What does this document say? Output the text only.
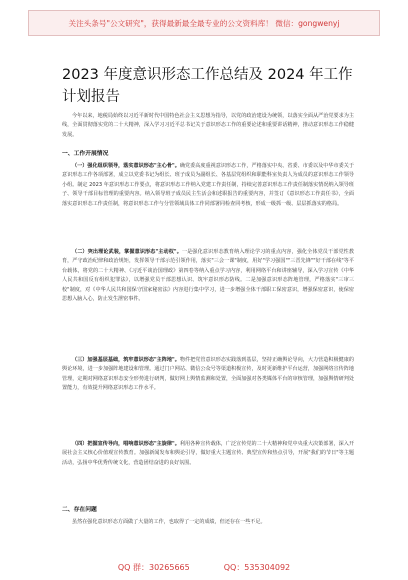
关注头条号"公文研究"，获得最新最全最专业的公文资料库！ 微信：gongwenyj
2023 年度意识形态工作总结及 2024 年工作计划报告
今年以来，地税局始终以习近平新时代中国特色社会主义思想为指导，以党的政治建设为统领，以落实全面从严治党要求为主线，全面贯彻落实党的二十大精神，深入学习习近平总书记关于意识形态工作的重要论述和重要讲话精神，推动意识形态工作稳健发展。
一、工作开展情况
（一）强化组织领导，落实意识形态"主心骨"。确党委高度重视意识形态工作，严格落实中央、省委、市委以及中华市委关于意识形态工作各项部署，成立以党委书记为组长、班子成员为副组长、各基层党组织和职能科室负责人为成员的意识形态工作领导小组。制定 2023 年意识形态工作要点，将意识形态工作纳入党建工作责任制，持续完善意识形态工作责任制落实情况纳入领导班子、领导干部目标管理的重要内容。纳入领导班子成员民主生活会和述职报告的重要内容，并签订《意识形态工作责任书》，全面落实意识形态工作责任制，将意识形态工作与分管领域具体工作同部署同检查同考核，形成一级抓一级、层层抓落实的格局。
（二）突出理论武装，掌握意识形态"主动权"。一是强化意识形态教育纳入理论学习的重点内容，强化全体党员干部党性教育，严守政治纪律和政治规矩，发挥领导干部示范引领作用，落实"三会一课"制度，用好"学习强国""三晋先锋""好干部在线"等平台载体，将党的二十大精神、《习近平谈治国理政》第四卷等纳入重点学习内容，利用网络平台和讲座辅导，深入学习宣传《中华人民共和国反有组织犯罪法》，以增强党员干部思想认识、筑牢意识形态防线。二是加强意识形态阵地管理，严格落实"三审三校"制度，对《中华人民共和国保守国家秘密法》内容进行集中学习，进一步增强全体干部职工保密意识，增强保密意识，使保密思想入脑入心，防止发生泄密事件。
（三）加强基层基础，筑牢意识形态"主阵地"。物件把党管意识形态实践落到基层，坚持正确舆论导向，大力营造积极健康的舆论环境，进一步加强阵地建设和管理。通过门户网站、微信公众号等渠道积极宣传，及时更新维护平台运营，加强网络宣传阵地管理，定期对网络意识形态安全形势进行研判，做好网上舆情监测和处置，全面加强对各类媒体平台的审核管理，加强舆情研判处置能力，有效提升网络意识形态工作水平。
（四）把握宣传导向，唱响意识形态"主旋律"。利用各种宣传载体，广泛宣传党的二十大精神和党中央重大决策部署，深入开展社会主义核心价值观宣传教育。加强新闻发布和舆论引导，做好重大主题宣传、典型宣传和热点引导，开展"我们的节日"等主题活动，弘扬中华优秀传统文化，营造团结奋进的良好氛围。
二、存在问题
虽然在强化意识形态方面做了大量的工作，也取得了一定的成绩，但还存在一些不足。
QQ 群：30265665	QQ：535304092
